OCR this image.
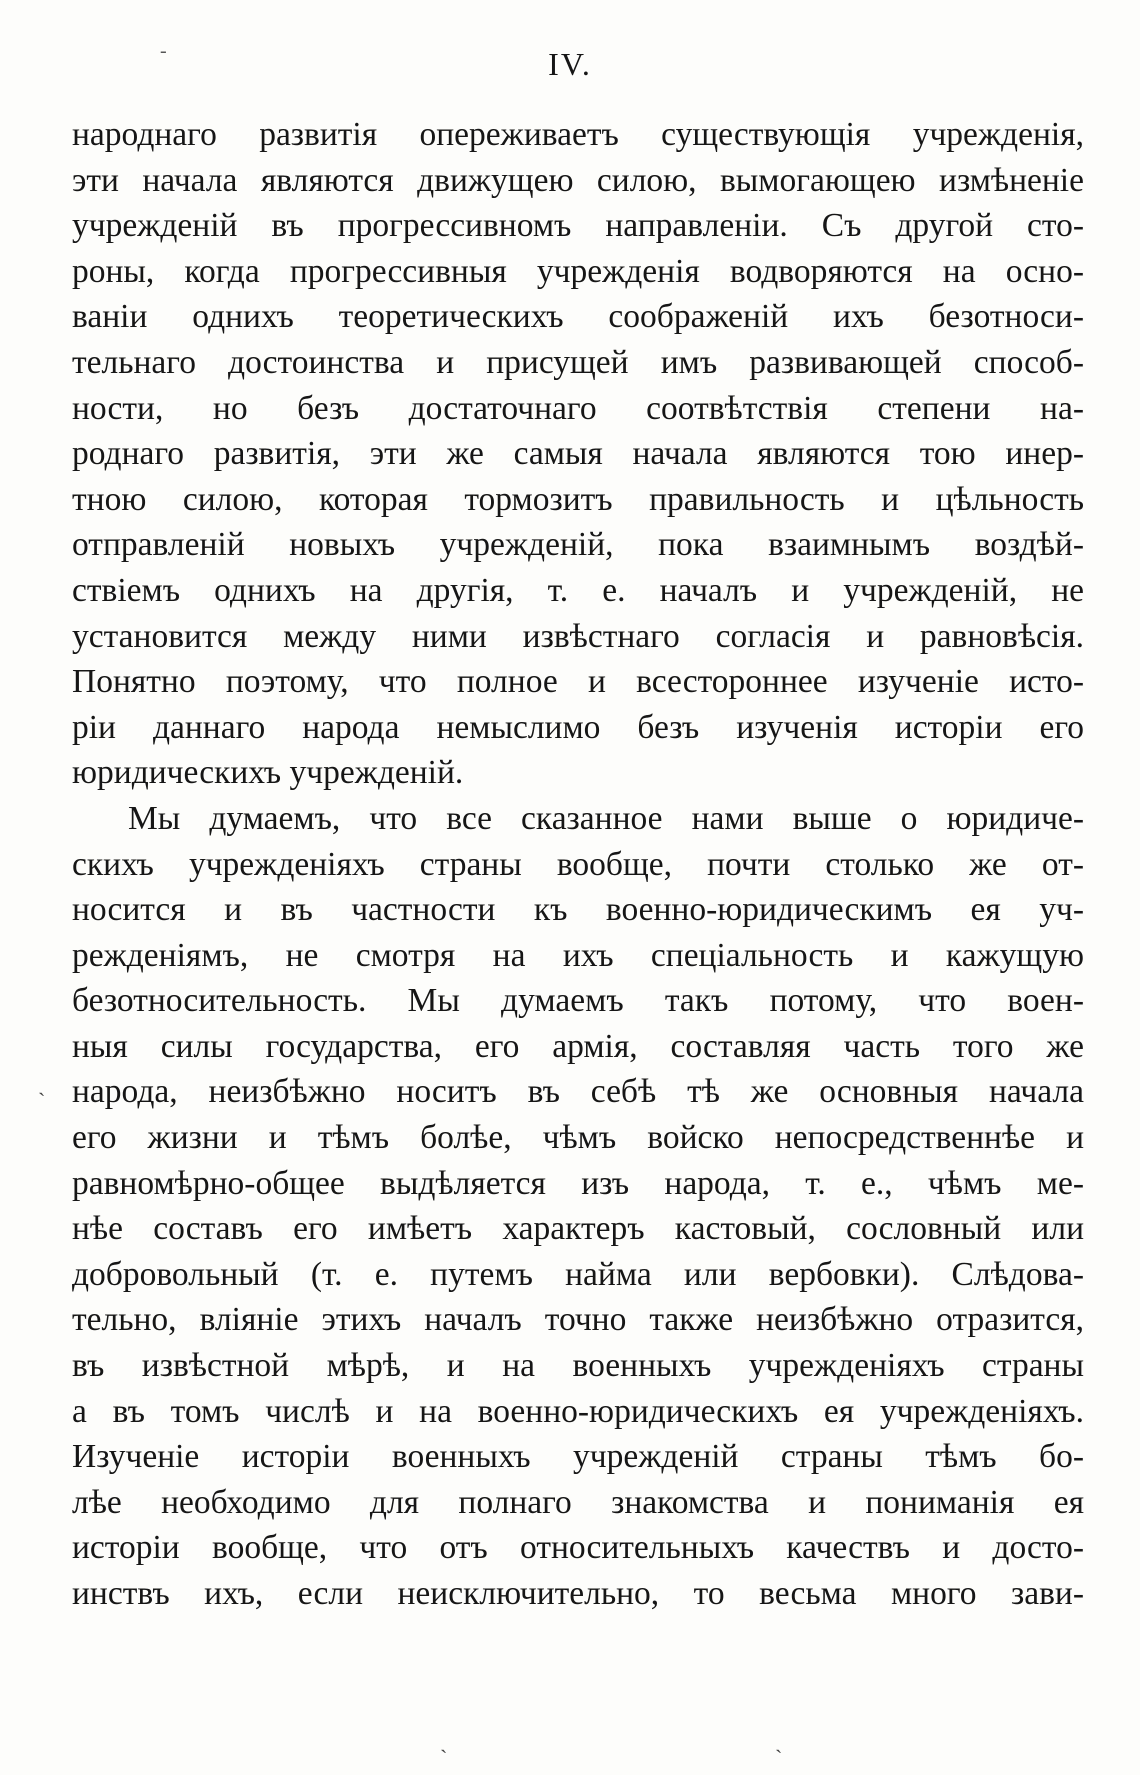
-	IV.
народнаго развитія опереживаетъ существующія учрежденія,
эти начала являются движущею силою, вымогающею измѣненіе
учрежденій въ прогрессивномъ направленіи. Съ другой сто-
роны, когда прогрессивныя учрежденія водворяются на осно-
ваніи однихъ теоретическихъ соображеній ихъ безотноси-
тельнаго достоинства и присущей имъ развивающей способ-
ности, но безъ достаточнаго соотвѣтствія степени на-
роднаго развитія, эти же самыя начала являются тою инер-
тною силою, которая тормозитъ правильность и цѣльность
отправленій новыхъ учрежденій, пока взаимнымъ воздѣй-
ствіемъ однихъ на другія, т. е. началъ и учрежденій, не
установится между ними извѣстнаго согласія и равновѣсія.
Понятно поэтому, что полное и всестороннее изученіе исто-
ріи даннаго народа немыслимо безъ изученія исторіи его
юридическихъ учрежденій.
Мы думаемъ, что все сказанное нами выше о юридиче-
скихъ учрежденіяхъ страны вообще, почти столько же от-
носится и въ частности къ военно-юридическимъ ея уч-
режденіямъ, не смотря на ихъ спеціальность и кажущую
безотносительность. Мы думаемъ такъ потому, что воен-
ныя силы государства, его армія, составляя часть того же
народа, неизбѣжно носитъ въ себѣ тѣ же основныя начала
его жизни и тѣмъ болѣе, чѣмъ войско непосредственнѣе и
равномѣрно-общее выдѣляется изъ народа, т. е., чѣмъ ме-
нѣе составъ его имѣетъ характеръ кастовый, сословный или
добровольный (т. е. путемъ найма или вербовки). Слѣдова-
тельно, вліяніе этихъ началъ точно также неизбѣжно отразится,
въ извѣстной мѣрѣ, и на военныхъ учрежденіяхъ страны
а въ томъ числѣ и на военно-юридическихъ ея учрежденіяхъ.
Изученіе исторіи военныхъ учрежденій страны тѣмъ бо-
лѣе необходимо для полнаго знакомства и пониманія ея
исторіи вообще, что отъ относительныхъ качествъ и досто-
инствъ ихъ, если неисключительно, то весьма много зави-
ˋ
ˋ	ˋ
